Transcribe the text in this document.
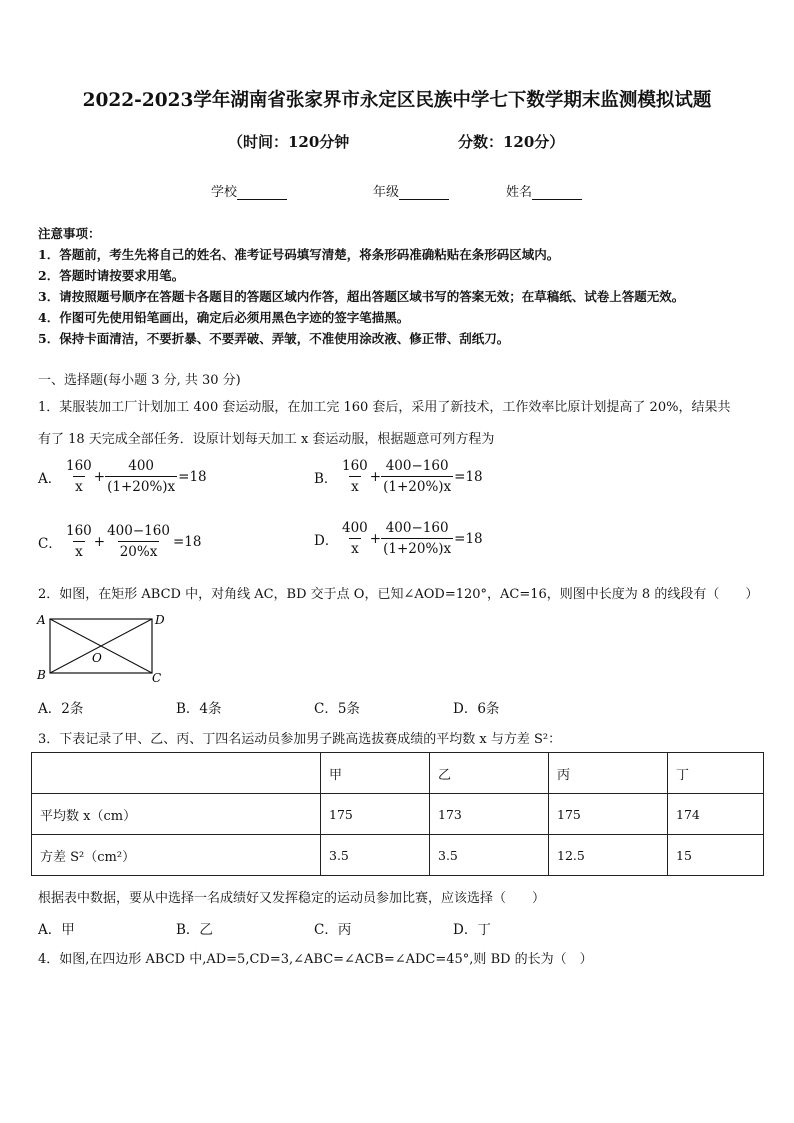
2022-2023学年湖南省张家界市永定区民族中学七下数学期末监测模拟试题
（时间：120分钟	分数：120分）
学校	年级	姓名
注意事项：
1．答题前，考生先将自己的姓名、准考证号码填写清楚，将条形码准确粘贴在条形码区域内。
2．答题时请按要求用笔。
3．请按照题号顺序在答题卡各题目的答题区域内作答，超出答题区域书写的答案无效；在草稿纸、试卷上答题无效。
4．作图可先使用铅笔画出，确定后必须用黑色字迹的签字笔描黑。
5．保持卡面清洁，不要折暴、不要弄破、弄皱，不准使用涂改液、修正带、刮纸刀。
一、选择题(每小题 3 分, 共 30 分)
1．某服装加工厂计划加工 400 套运动服，在加工完 160 套后，采用了新技术，工作效率比原计划提高了 20%，结果共
有了 18 天完成全部任务．设原计划每天加工 x 套运动服，根据题意可列方程为
A． $\frac{160}{x} + \frac{400}{(1+20\%)x} =18$	B． $\frac{160}{x} + \frac{400-160}{(1+20\%)x} =18$
C． $\frac{160}{x} + \frac{400-160}{20\%x} =18$	D． $\frac{400}{x} + \frac{400-160}{(1+20\%)x} =18$
2．如图，在矩形 ABCD 中，对角线 AC，BD 交于点 O，已知∠AOD=120°，AC=16，则图中长度为 8 的线段有（　　）
A	D
B	C
O
A．2条	B．4条	C．5条	D．6条
3．下表记录了甲、乙、丙、丁四名运动员参加男子跳高选拔赛成绩的平均数 x 与方差 S²：
	甲	乙	丙	丁
平均数 x（cm）	175	173	175	174
方差 S²（cm²）	3.5	3.5	12.5	15
根据表中数据，要从中选择一名成绩好又发挥稳定的运动员参加比赛，应该选择（　　）
A．甲	B．乙	C．丙	D．丁
4．如图,在四边形 ABCD 中,AD=5,CD=3,∠ABC=∠ACB=∠ADC=45°,则 BD 的长为（　）
